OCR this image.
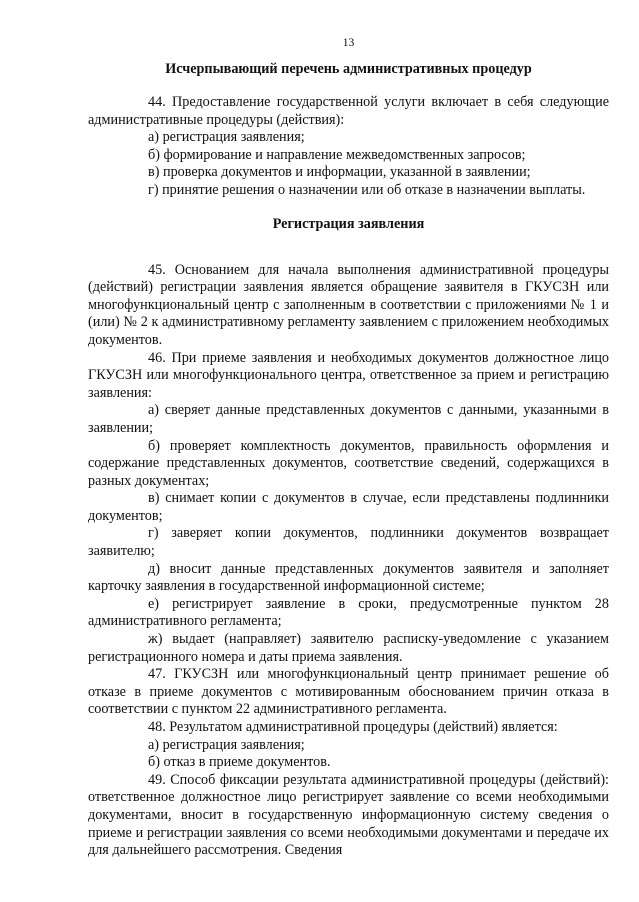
13
Исчерпывающий перечень административных процедур

44. Предоставление государственной услуги включает в себя следующие административные процедуры (действия):

а) регистрация заявления;

б) формирование и направление межведомственных запросов;

в) проверка документов и информации, указанной в заявлении;

г) принятие решения о назначении или об отказе в назначении выплаты.

Регистрация заявления

45. Основанием для начала выполнения административной процедуры (действий) регистрации заявления является обращение заявителя в ГКУСЗН или многофункциональный центр с заполненным в соответствии с приложениями № 1 и (или) № 2 к административному регламенту заявлением с приложением необходимых документов.

46. При приеме заявления и необходимых документов должностное лицо ГКУСЗН или многофункционального центра, ответственное за прием и регистрацию заявления:

а) сверяет данные представленных документов с данными, указанными в заявлении;

б) проверяет комплектность документов, правильность оформления и содержание представленных документов, соответствие сведений, содержащихся в разных документах;

в) снимает копии с документов в случае, если представлены подлинники документов;

г) заверяет копии документов, подлинники документов возвращает заявителю;

д) вносит данные представленных документов заявителя и заполняет карточку заявления в государственной информационной системе;

е) регистрирует заявление в сроки, предусмотренные пунктом 28 административного регламента;

ж) выдает (направляет) заявителю расписку-уведомление с указанием регистрационного номера и даты приема заявления.

47. ГКУСЗН или многофункциональный центр принимает решение об отказе в приеме документов с мотивированным обоснованием причин отказа в соответствии с пунктом 22 административного регламента.

48. Результатом административной процедуры (действий) является:

а) регистрация заявления;

б) отказ в приеме документов.

49. Способ фиксации результата административной процедуры (действий): ответственное должностное лицо регистрирует заявление со всеми необходимыми документами, вносит в государственную информационную систему сведения о приеме и регистрации заявления со всеми необходимыми документами и передаче их для дальнейшего рассмотрения. Сведения
